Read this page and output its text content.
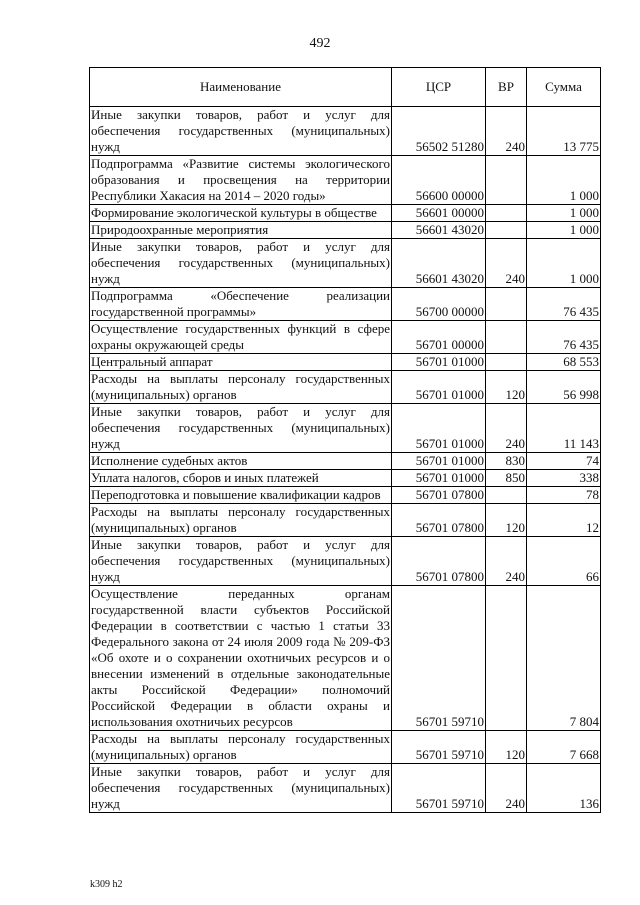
492
Наименование	ЦСР	ВР	Сумма
Иные закупки товаров, работ и услуг для обеспечения государственных (муниципальных) нужд	56502 51280	240	13 775
Подпрограмма «Развитие системы экологического образования и просвещения на территории Республики Хакасия на 2014 – 2020 годы»	56600 00000		1 000
Формирование экологической культуры в обществе	56601 00000		1 000
Природоохранные мероприятия	56601 43020		1 000
Иные закупки товаров, работ и услуг для обеспечения государственных (муниципальных) нужд	56601 43020	240	1 000
Подпрограмма «Обеспечение реализации государственной программы»	56700 00000		76 435
Осуществление государственных функций в сфере охраны окружающей среды	56701 00000		76 435
Центральный аппарат	56701 01000		68 553
Расходы на выплаты персоналу государственных (муниципальных) органов	56701 01000	120	56 998
Иные закупки товаров, работ и услуг для обеспечения государственных (муниципальных) нужд	56701 01000	240	11 143
Исполнение судебных актов	56701 01000	830	74
Уплата налогов, сборов и иных платежей	56701 01000	850	338
Переподготовка и повышение квалификации кадров	56701 07800		78
Расходы на выплаты персоналу государственных (муниципальных) органов	56701 07800	120	12
Иные закупки товаров, работ и услуг для обеспечения государственных (муниципальных) нужд	56701 07800	240	66
Осуществление переданных органам государственной власти субъектов Российской Федерации в соответствии с частью 1 статьи 33 Федерального закона от 24 июля 2009 года № 209-ФЗ «Об охоте и о сохранении охотничьих ресурсов и о внесении изменений в отдельные законодательные акты Российской Федерации» полномочий Российской Федерации в области охраны и использования охотничьих ресурсов	56701 59710		7 804
Расходы на выплаты персоналу государственных (муниципальных) органов	56701 59710	120	7 668
Иные закупки товаров, работ и услуг для обеспечения государственных (муниципальных) нужд	56701 59710	240	136
k309 h2
